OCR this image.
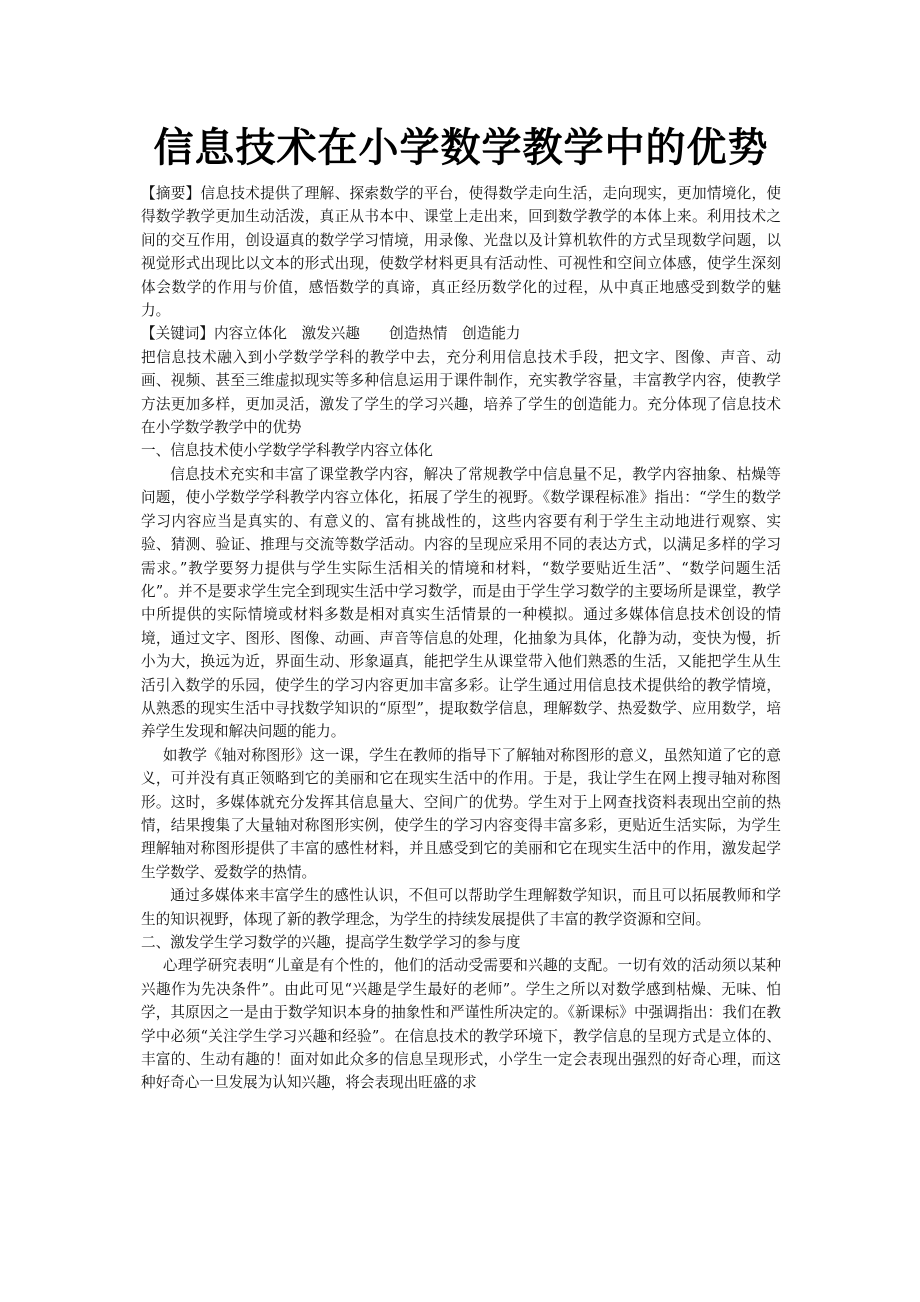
信息技术在小学数学教学中的优势

【摘要】信息技术提供了理解、探索数学的平台，使得数学走向生活，走向现实，更加情境化，使得数学教学更加生动活泼，真正从书本中、课堂上走出来，回到数学教学的本体上来。利用技术之间的交互作用，创设逼真的数学学习情境，用录像、光盘以及计算机软件的方式呈现数学问题，以视觉形式出现比以文本的形式出现，使数学材料更具有活动性、可视性和空间立体感，使学生深刻体会数学的作用与价值，感悟数学的真谛，真正经历数学化的过程，从中真正地感受到数学的魅力。

【关键词】内容立体化 激发兴趣 创造热情 创造能力

把信息技术融入到小学数学学科的教学中去，充分利用信息技术手段，把文字、图像、声音、动画、视频、甚至三维虚拟现实等多种信息运用于课件制作，充实教学容量，丰富教学内容，使教学方法更加多样，更加灵活，激发了学生的学习兴趣，培养了学生的创造能力。充分体现了信息技术在小学数学教学中的优势

一、信息技术使小学数学学科教学内容立体化

信息技术充实和丰富了课堂教学内容，解决了常规教学中信息量不足，教学内容抽象、枯燥等问题，使小学数学学科教学内容立体化，拓展了学生的视野。《数学课程标准》指出：“学生的数学学习内容应当是真实的、有意义的、富有挑战性的，这些内容要有利于学生主动地进行观察、实验、猜测、验证、推理与交流等数学活动。内容的呈现应采用不同的表达方式，以满足多样的学习需求。”教学要努力提供与学生实际生活相关的情境和材料，“数学要贴近生活”、“数学问题生活化”。并不是要求学生完全到现实生活中学习数学，而是由于学生学习数学的主要场所是课堂，教学中所提供的实际情境或材料多数是相对真实生活情景的一种模拟。通过多媒体信息技术创设的情境，通过文字、图形、图像、动画、声音等信息的处理，化抽象为具体，化静为动，变快为慢，折小为大，换远为近，界面生动、形象逼真，能把学生从课堂带入他们熟悉的生活，又能把学生从生活引入数学的乐园，使学生的学习内容更加丰富多彩。让学生通过用信息技术提供给的教学情境，从熟悉的现实生活中寻找数学知识的“原型”，提取数学信息，理解数学、热爱数学、应用数学，培养学生发现和解决问题的能力。

如教学《轴对称图形》这一课，学生在教师的指导下了解轴对称图形的意义，虽然知道了它的意义，可并没有真正领略到它的美丽和它在现实生活中的作用。于是，我让学生在网上搜寻轴对称图形。这时，多媒体就充分发挥其信息量大、空间广的优势。学生对于上网查找资料表现出空前的热情，结果搜集了大量轴对称图形实例，使学生的学习内容变得丰富多彩，更贴近生活实际，为学生理解轴对称图形提供了丰富的感性材料，并且感受到它的美丽和它在现实生活中的作用，激发起学生学数学、爱数学的热情。

通过多媒体来丰富学生的感性认识，不但可以帮助学生理解数学知识，而且可以拓展教师和学生的知识视野，体现了新的教学理念，为学生的持续发展提供了丰富的教学资源和空间。

二、激发学生学习数学的兴趣，提高学生数学学习的参与度

心理学研究表明“儿童是有个性的，他们的活动受需要和兴趣的支配。一切有效的活动须以某种兴趣作为先决条件”。由此可见“兴趣是学生最好的老师”。学生之所以对数学感到枯燥、无味、怕学，其原因之一是由于数学知识本身的抽象性和严谨性所决定的。《新课标》中强调指出：我们在教学中必须“关注学生学习兴趣和经验”。在信息技术的教学环境下，教学信息的呈现方式是立体的、丰富的、生动有趣的！面对如此众多的信息呈现形式，小学生一定会表现出强烈的好奇心理，而这种好奇心一旦发展为认知兴趣，将会表现出旺盛的求
